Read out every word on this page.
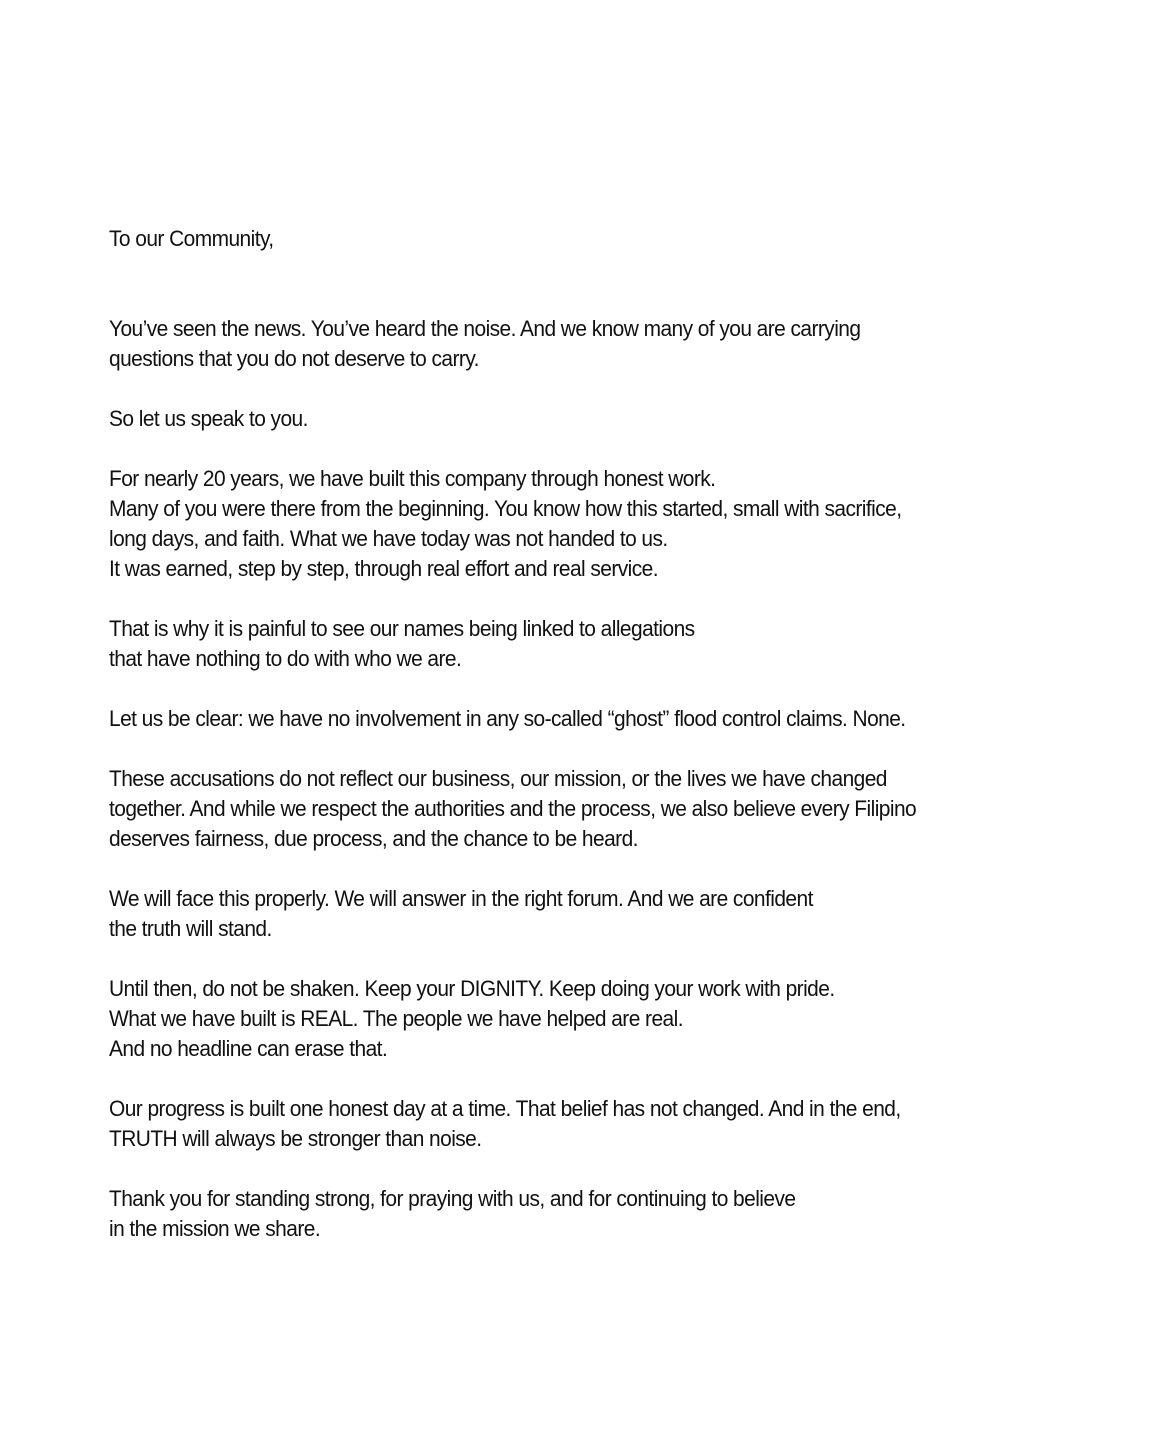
To our Community,
You’ve seen the news. You’ve heard the noise. And we know many of you are carrying
questions that you do not deserve to carry.
So let us speak to you.
For nearly 20 years, we have built this company through honest work.
Many of you were there from the beginning. You know how this started, small with sacrifice,
long days, and faith. What we have today was not handed to us.
It was earned, step by step, through real effort and real service.
That is why it is painful to see our names being linked to allegations
that have nothing to do with who we are.
Let us be clear: we have no involvement in any so-called “ghost” flood control claims. None.
These accusations do not reflect our business, our mission, or the lives we have changed
together. And while we respect the authorities and the process, we also believe every Filipino
deserves fairness, due process, and the chance to be heard.
We will face this properly. We will answer in the right forum. And we are confident
the truth will stand.
Until then, do not be shaken. Keep your DIGNITY. Keep doing your work with pride.
What we have built is REAL. The people we have helped are real.
And no headline can erase that.
Our progress is built one honest day at a time. That belief has not changed. And in the end,
TRUTH will always be stronger than noise.
Thank you for standing strong, for praying with us, and for continuing to believe
in the mission we share.
